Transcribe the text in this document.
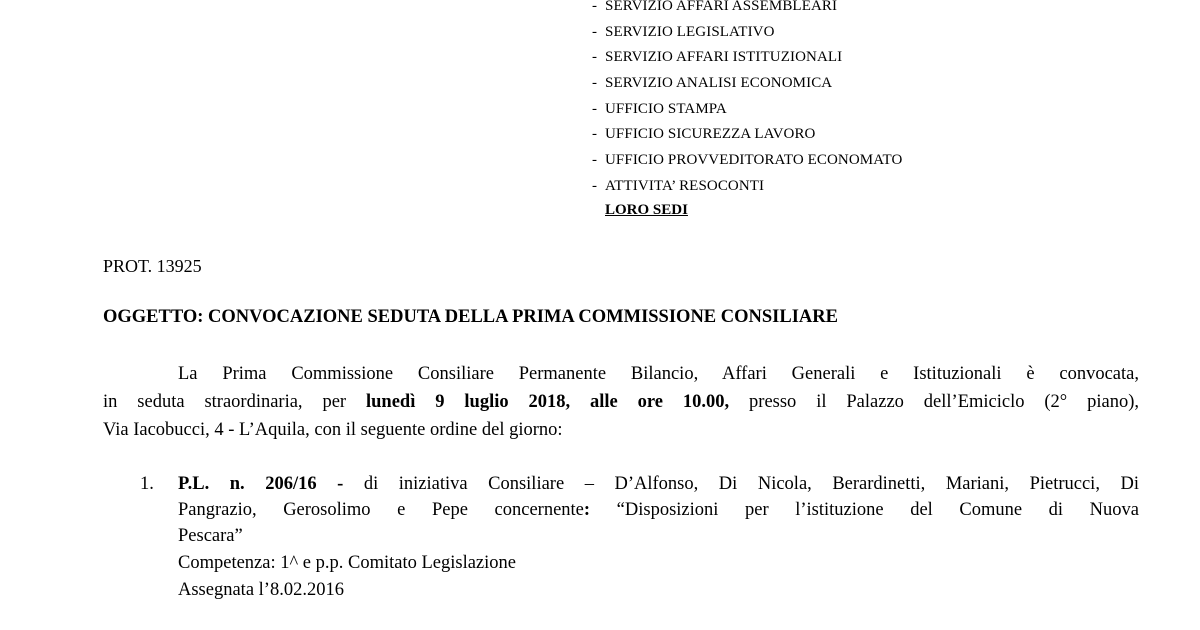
- SERVIZIO AFFARI ASSEMBLEARI
- SERVIZIO LEGISLATIVO
- SERVIZIO AFFARI ISTITUZIONALI
- SERVIZIO ANALISI ECONOMICA
- UFFICIO STAMPA
- UFFICIO SICUREZZA LAVORO
- UFFICIO PROVVEDITORATO ECONOMATO
- ATTIVITA’ RESOCONTI
LORO SEDI
PROT. 13925
OGGETTO: CONVOCAZIONE SEDUTA DELLA PRIMA COMMISSIONE CONSILIARE
La Prima Commissione Consiliare Permanente Bilancio, Affari Generali e Istituzionali è convocata,
in seduta straordinaria, per lunedì 9 luglio 2018, alle ore 10.00, presso il Palazzo dell’Emiciclo (2° piano),
Via Iacobucci, 4 - L’Aquila, con il seguente ordine del giorno:
1. P.L. n. 206/16 - di iniziativa Consiliare – D’Alfonso, Di Nicola, Berardinetti, Mariani, Pietrucci, Di
Pangrazio, Gerosolimo e Pepe concernente: “Disposizioni per l’istituzione del Comune di Nuova
Pescara”
Competenza: 1^ e p.p. Comitato Legislazione
Assegnata l’8.02.2016
